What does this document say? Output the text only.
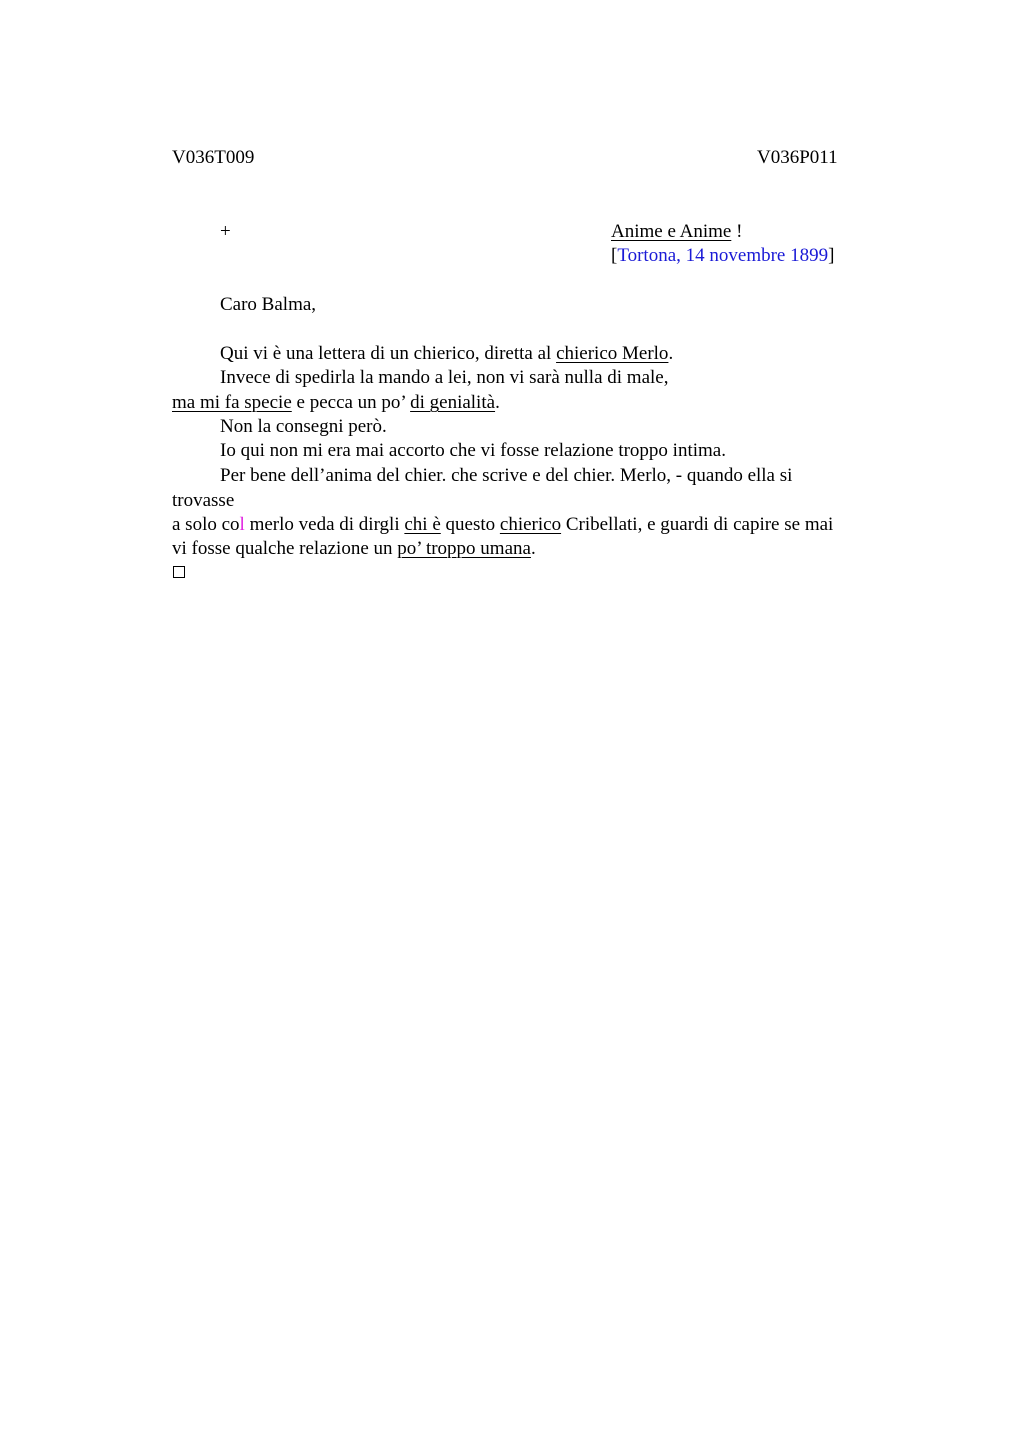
V036T009	V036P011
+	Anime e Anime !
[Tortona, 14 novembre 1899]
Caro Balma,
Qui vi è una lettera di un chierico, diretta al chierico Merlo.
Invece di spedirla la mando a lei, non vi sarà nulla di male,
ma mi fa specie e pecca un po’ di genialità.
Non la consegni però.
Io qui non mi era mai accorto che vi fosse relazione troppo intima.
Per bene dell’anima del chier. che scrive e del chier. Merlo, - quando ella si
trovasse
a solo col merlo veda di dirgli chi è questo chierico Cribellati, e guardi di capire se mai
vi fosse qualche relazione un po’ troppo umana.
